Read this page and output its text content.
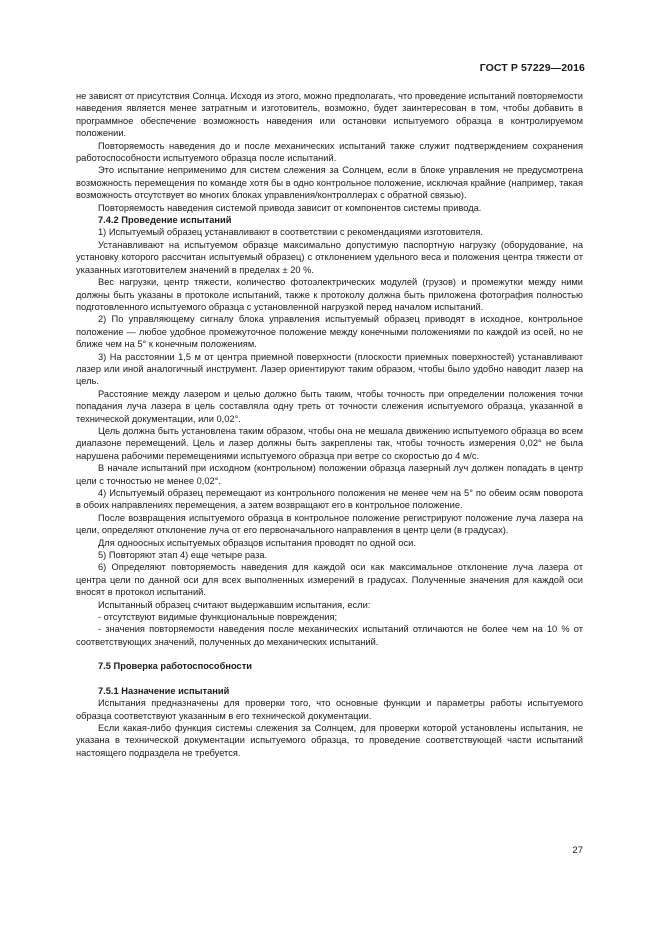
ГОСТ Р 57229—2016

не зависят от присутствия Солнца. Исходя из этого, можно предполагать, что проведение испытаний повторяемости наведения является менее затратным и изготовитель, возможно, будет заинтересован в том, чтобы добавить в программное обеспечение возможность наведения или остановки испытуемого образца в контролируемом положении.

Повторяемость наведения до и после механических испытаний также служит подтверждением сохранения работоспособности испытуемого образца после испытаний.

Это испытание неприменимо для систем слежения за Солнцем, если в блоке управления не предусмотрена возможность перемещения по команде хотя бы в одно контрольное положение, исключая крайние (например, такая возможность отсутствует во многих блоках управления/контроллерах с обратной связью).

Повторяемость наведения системой привода зависит от компонентов системы привода.

7.4.2 Проведение испытаний

1) Испытуемый образец устанавливают в соответствии с рекомендациями изготовителя.

Устанавливают на испытуемом образце максимально допустимую паспортную нагрузку (оборудование, на установку которого рассчитан испытуемый образец) с отклонением удельного веса и положения центра тяжести от указанных изготовителем значений в пределах ± 20 %.

Вес нагрузки, центр тяжести, количество фотоэлектрических модулей (грузов) и промежутки между ними должны быть указаны в протоколе испытаний, также к протоколу должна быть приложена фотография полностью подготовленного испытуемого образца с установленной нагрузкой перед началом испытаний.

2) По управляющему сигналу блока управления испытуемый образец приводят в исходное, контрольное положение — любое удобное промежуточное положение между конечными положениями по каждой из осей, но не ближе чем на 5° к конечным положениям.

3) На расстоянии 1,5 м от центра приемной поверхности (плоскости приемных поверхностей) устанавливают лазер или иной аналогичный инструмент. Лазер ориентируют таким образом, чтобы было удобно наводит лазер на цель.

Расстояние между лазером и целью должно быть таким, чтобы точность при определении положения точки попадания луча лазера в цель составляла одну треть от точности слежения испытуемого образца, указанной в технической документации, или 0,02°.

Цель должна быть установлена таким образом, чтобы она не мешала движению испытуемого образца во всем диапазоне перемещений. Цель и лазер должны быть закреплены так, чтобы точность измерения 0,02° не была нарушена рабочими перемещениями испытуемого образца при ветре со скоростью до 4 м/с.

В начале испытаний при исходном (контрольном) положении образца лазерный луч должен попадать в центр цели с точностью не менее 0,02°.

4) Испытуемый образец перемещают из контрольного положения не менее чем на 5° по обеим осям поворота в обоих направлениях перемещения, а затем возвращают его в контрольное положение.

После возвращения испытуемого образца в контрольное положение регистрируют положение луча лазера на цели, определяют отклонение луча от его первоначального направления в центр цели (в градусах).

Для одноосных испытуемых образцов испытания проводят по одной оси.

5) Повторяют этап 4) еще четыре раза.

6) Определяют повторяемость наведения для каждой оси как максимальное отклонение луча лазера от центра цели по данной оси для всех выполненных измерений в градусах. Полученные значения для каждой оси вносят в протокол испытаний.

Испытанный образец считают выдержавшим испытания, если:

- отсутствуют видимые функциональные повреждения;

- значения повторяемости наведения после механических испытаний отличаются не более чем на 10 % от соответствующих значений, полученных до механических испытаний.

7.5 Проверка работоспособности

7.5.1 Назначение испытаний

Испытания предназначены для проверки того, что основные функции и параметры работы испытуемого образца соответствуют указанным в его технической документации.

Если какая-либо функция системы слежения за Солнцем, для проверки которой установлены испытания, не указана в технической документации испытуемого образца, то проведение соответствующей части испытаний настоящего подраздела не требуется.

27
